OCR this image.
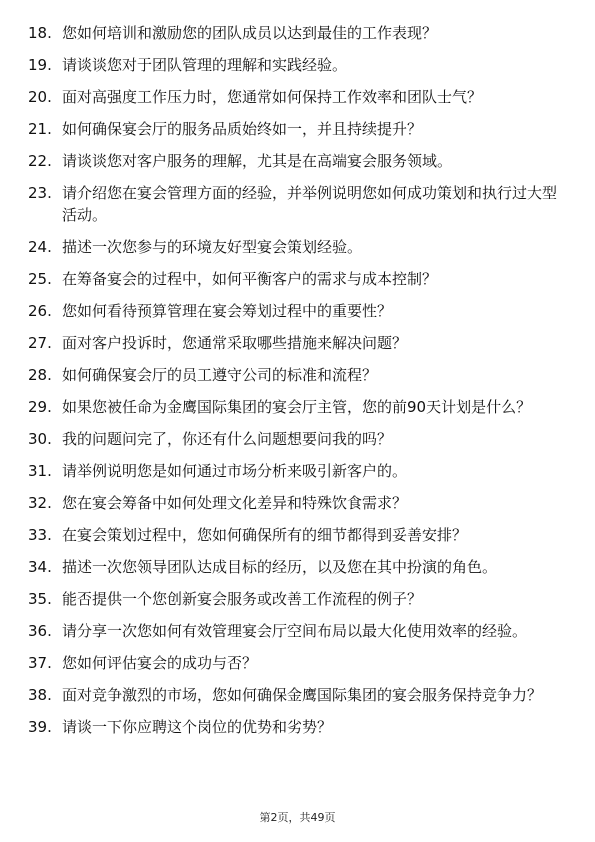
18. 您如何培训和激励您的团队成员以达到最佳的工作表现？
19. 请谈谈您对于团队管理的理解和实践经验。
20. 面对高强度工作压力时，您通常如何保持工作效率和团队士气？
21. 如何确保宴会厅的服务品质始终如一，并且持续提升？
22. 请谈谈您对客户服务的理解，尤其是在高端宴会服务领域。
23. 请介绍您在宴会管理方面的经验，并举例说明您如何成功策划和执行过大型活动。
24. 描述一次您参与的环境友好型宴会策划经验。
25. 在筹备宴会的过程中，如何平衡客户的需求与成本控制？
26. 您如何看待预算管理在宴会筹划过程中的重要性？
27. 面对客户投诉时，您通常采取哪些措施来解决问题？
28. 如何确保宴会厅的员工遵守公司的标准和流程？
29. 如果您被任命为金鹰国际集团的宴会厅主管，您的前90天计划是什么？
30. 我的问题问完了，你还有什么问题想要问我的吗？
31. 请举例说明您是如何通过市场分析来吸引新客户的。
32. 您在宴会筹备中如何处理文化差异和特殊饮食需求？
33. 在宴会策划过程中，您如何确保所有的细节都得到妥善安排？
34. 描述一次您领导团队达成目标的经历，以及您在其中扮演的角色。
35. 能否提供一个您创新宴会服务或改善工作流程的例子？
36. 请分享一次您如何有效管理宴会厅空间布局以最大化使用效率的经验。
37. 您如何评估宴会的成功与否？
38. 面对竞争激烈的市场，您如何确保金鹰国际集团的宴会服务保持竞争力？
39. 请谈一下你应聘这个岗位的优势和劣势？
第2页，共49页
